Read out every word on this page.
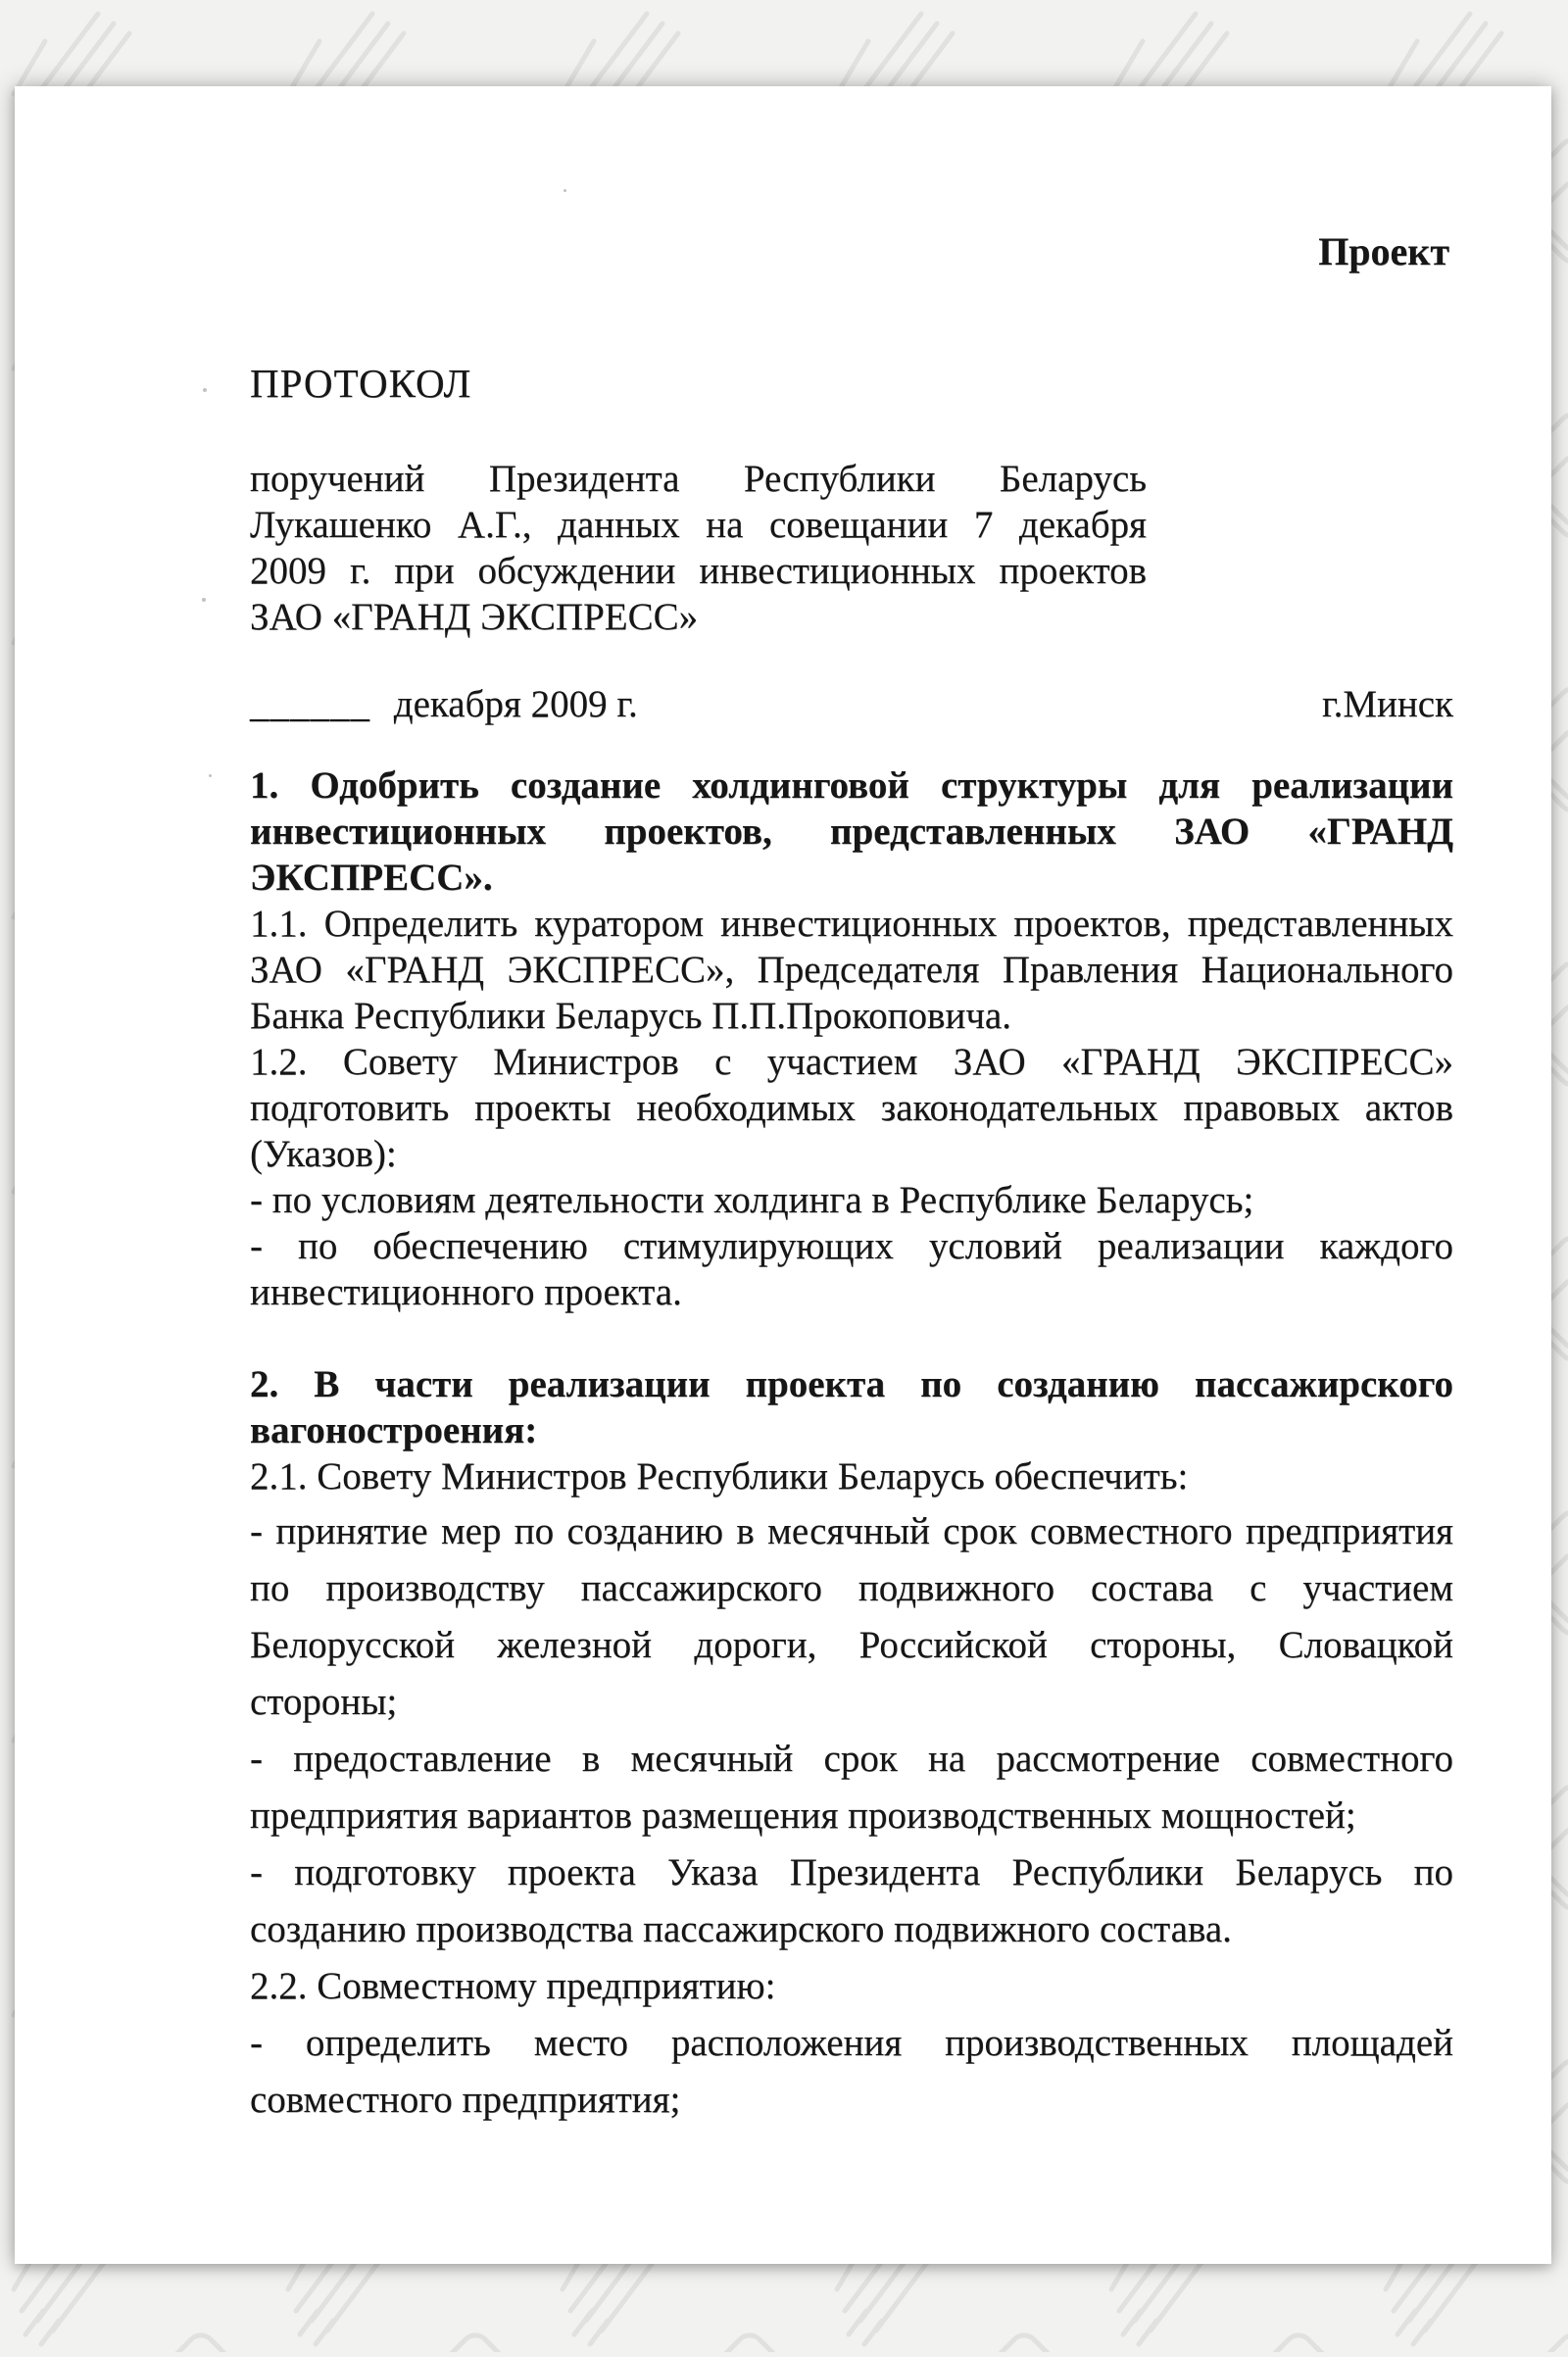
Проект
ПРОТОКОЛ
поручений Президента Республики Беларусь
Лукашенко А.Г., данных на совещании 7 декабря
2009 г. при обсуждении инвестиционных проектов
ЗАО «ГРАНД ЭКСПРЕСС»
______ декабря 2009 г.	г.Минск
1. Одобрить создание холдинговой структуры для реализации
инвестиционных проектов, представленных ЗАО «ГРАНД
ЭКСПРЕСС».
1.1. Определить куратором инвестиционных проектов, представленных
ЗАО «ГРАНД ЭКСПРЕСС», Председателя Правления Национального
Банка Республики Беларусь П.П.Прокоповича.
1.2. Совету Министров с участием ЗАО «ГРАНД ЭКСПРЕСС»
подготовить проекты необходимых законодательных правовых актов
(Указов):
- по условиям деятельности холдинга в Республике Беларусь;
- по обеспечению стимулирующих условий реализации каждого
инвестиционного проекта.
2. В части реализации проекта по созданию пассажирского
вагоностроения:
2.1. Совету Министров Республики Беларусь обеспечить:
- принятие мер по созданию в месячный срок совместного предприятия
по производству пассажирского подвижного состава с участием
Белорусской железной дороги, Российской стороны, Словацкой
стороны;
- предоставление в месячный срок на рассмотрение совместного
предприятия вариантов размещения производственных мощностей;
- подготовку проекта Указа Президента Республики Беларусь по
созданию производства пассажирского подвижного состава.
2.2. Совместному предприятию:
- определить место расположения производственных площадей
совместного предприятия;
